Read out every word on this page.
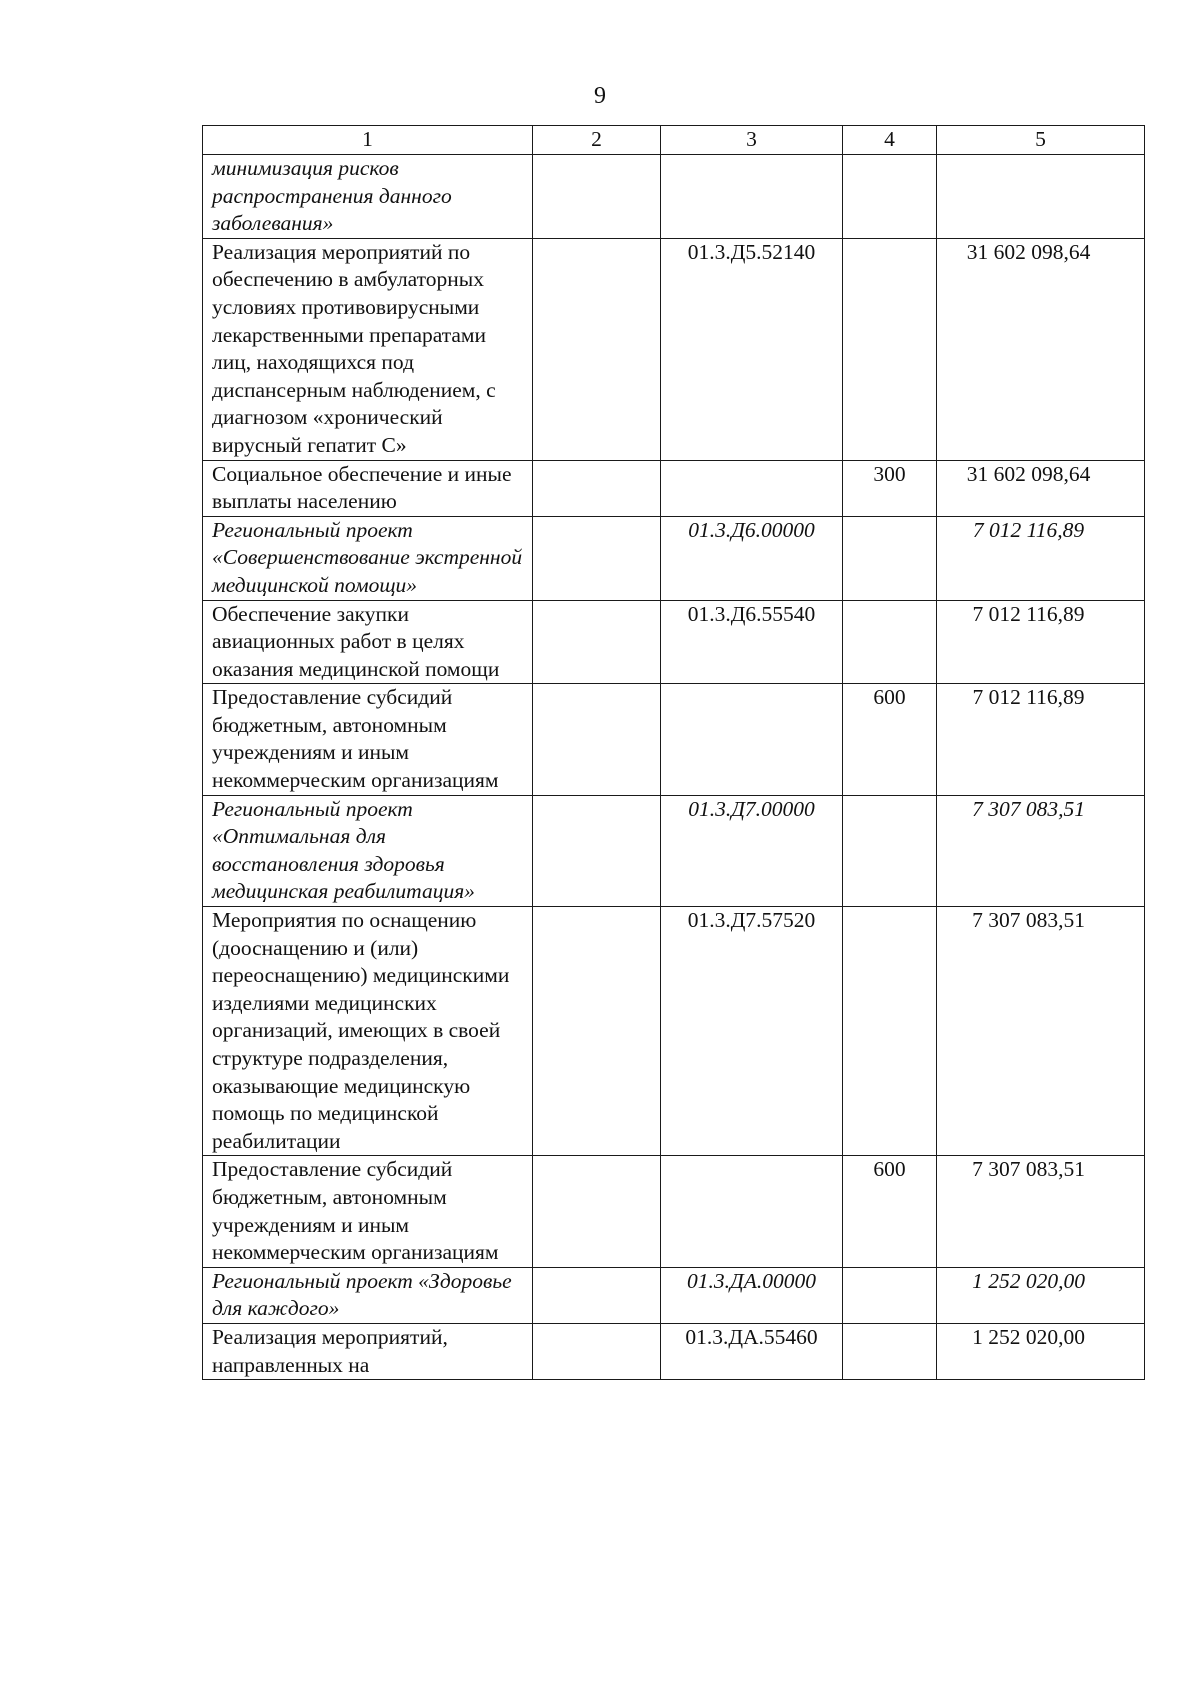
9
1	2	3	4	5
минимизация рисков распространения данного заболевания»				
Реализация мероприятий по обеспечению в амбулаторных условиях противовирусными лекарственными препаратами лиц, находящихся под диспансерным наблюдением, с диагнозом «хронический вирусный гепатит С»		01.3.Д5.52140		31 602 098,64
Социальное обеспечение и иные выплаты населению			300	31 602 098,64
Региональный проект «Совершенствование экстренной медицинской помощи»		01.3.Д6.00000		7 012 116,89
Обеспечение закупки авиационных работ в целях оказания медицинской помощи		01.3.Д6.55540		7 012 116,89
Предоставление субсидий бюджетным, автономным учреждениям и иным некоммерческим организациям			600	7 012 116,89
Региональный проект «Оптимальная для восстановления здоровья медицинская реабилитация»		01.3.Д7.00000		7 307 083,51
Мероприятия по оснащению (дооснащению и (или) переоснащению) медицинскими изделиями медицинских организаций, имеющих в своей структуре подразделения, оказывающие медицинскую помощь по медицинской реабилитации		01.3.Д7.57520		7 307 083,51
Предоставление субсидий бюджетным, автономным учреждениям и иным некоммерческим организациям			600	7 307 083,51
Региональный проект «Здоровье для каждого»		01.3.ДА.00000		1 252 020,00
Реализация мероприятий, направленных на		01.3.ДА.55460		1 252 020,00
